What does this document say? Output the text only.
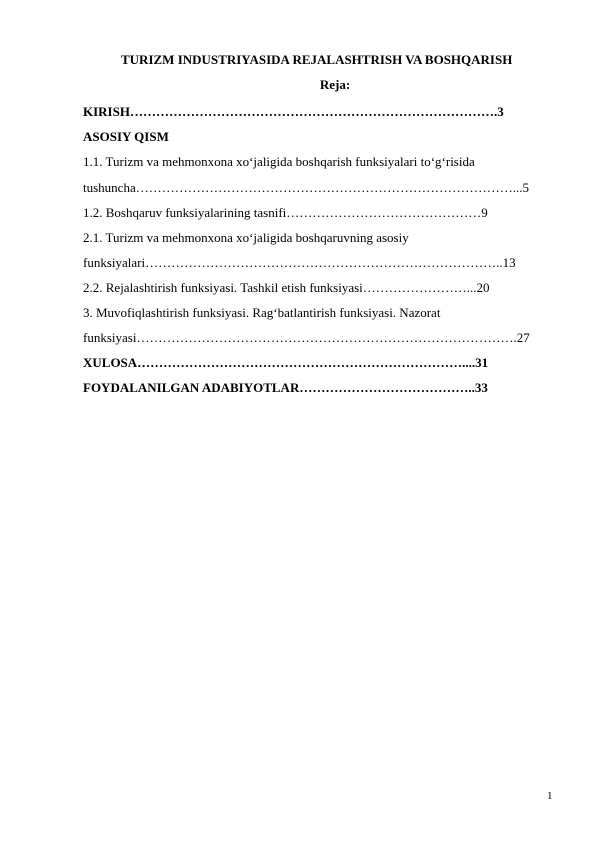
TURIZM INDUSTRIYASIDA REJALASHTRISH VA BOSHQARISH
Reja:
KIRISH………………………………………………………………………….3
ASOSIY QISM
1.1. Turizm va mehmonxona xo‘jaligida boshqarish funksiyalari to‘g‘risida
tushuncha……………………………………………………………………………...5
1.2. Boshqaruv funksiyalarining tasnifi………………………………………9
2.1. Turizm va mehmonxona xo‘jaligida boshqaruvning asosiy
funksiyalari………………………………………………………………………..13
2.2. Rejalashtirish funksiyasi. Tashkil etish funksiyasi……………………...20
3. Muvofiqlashtirish funksiyasi. Rag‘batlantirish funksiyasi. Nazorat
funksiyasi…………………………………………………………………………….27
XULOSA…………………………………………………………………....31
FOYDALANILGAN ADABIYOTLAR…………………………………..33
1
